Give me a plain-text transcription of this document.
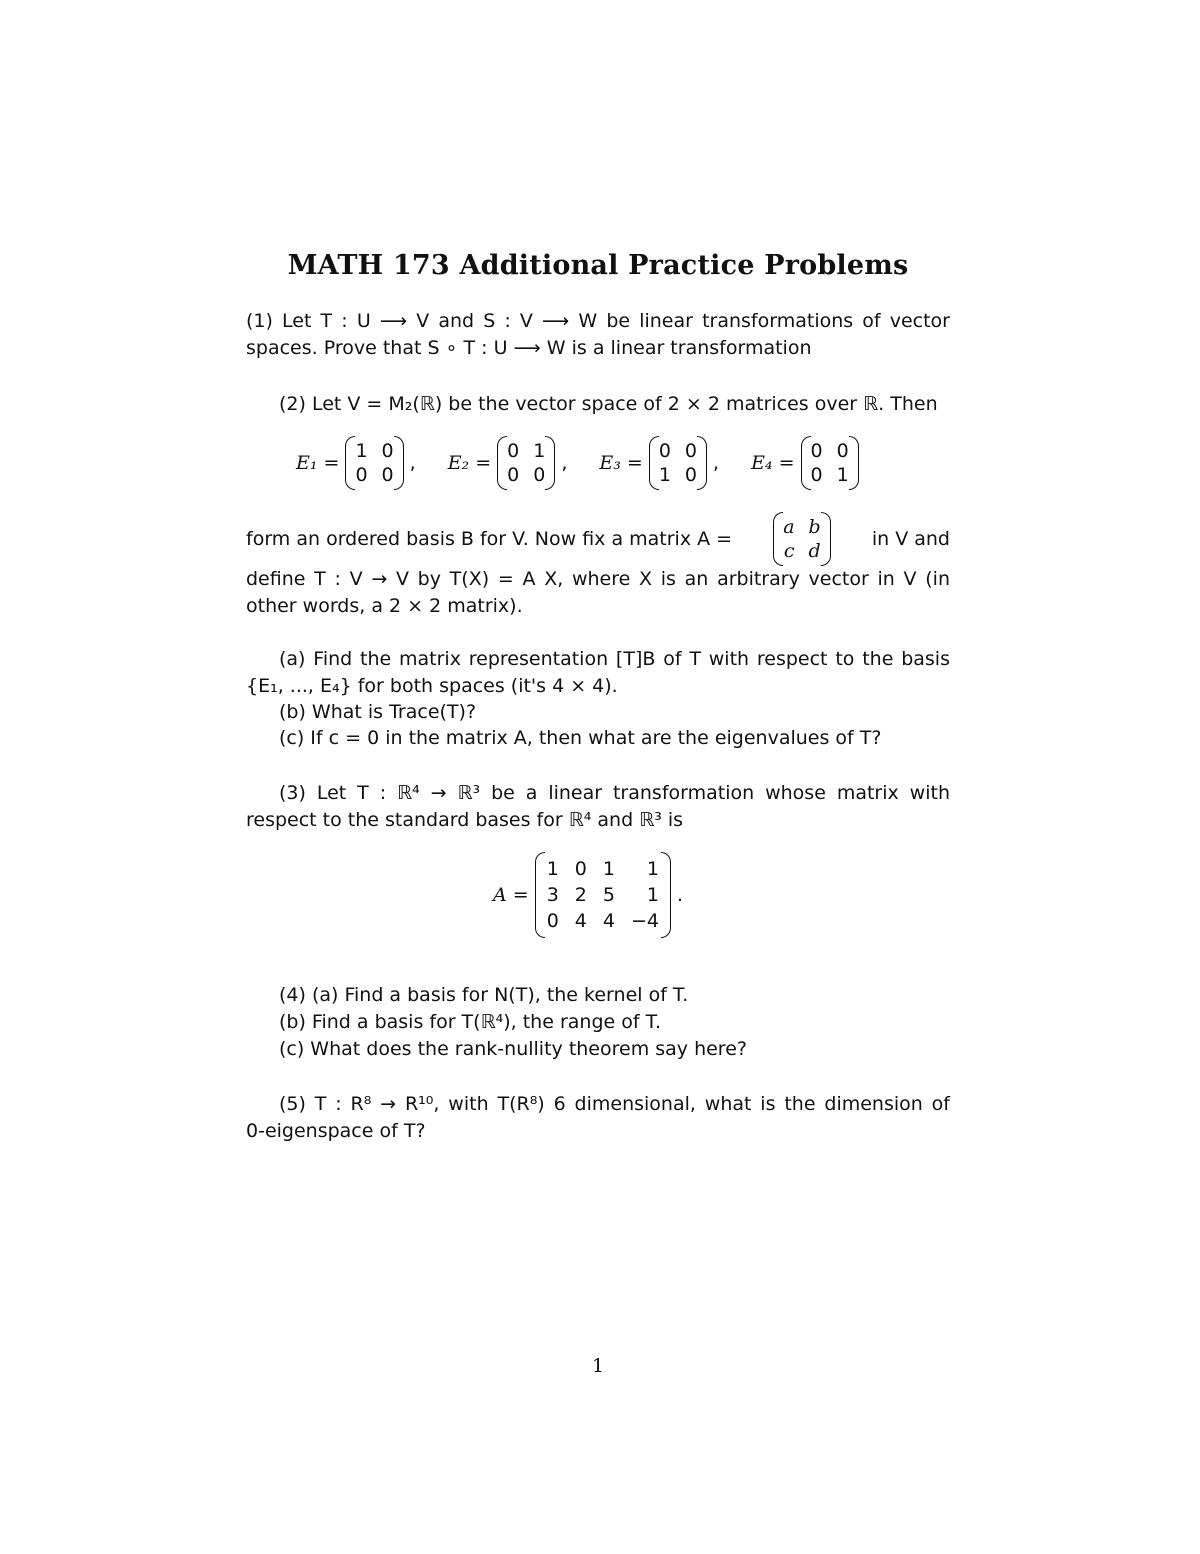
MATH 173 Additional Practice Problems
(1) Let T : U ⟶ V and S : V ⟶ W be linear transformations of vector
spaces. Prove that S ∘ T : U ⟶ W is a linear transformation
(2) Let V = M₂(ℝ) be the vector space of 2 × 2 matrices over ℝ. Then
E₁ =
1 0
0 0
, E₂ =
0 1
0 0
, E₃ =
0 0
1 0
, E₄ =
0 0
0 1
form an ordered basis B for V. Now fix a matrix A =
a b
c d
in V and
define T : V → V by T(X) = A X, where X is an arbitrary vector in V (in
other words, a 2 × 2 matrix).
(a) Find the matrix representation [T]B of T with respect to the basis
{E₁, ..., E₄} for both spaces (it's 4 × 4).
(b) What is Trace(T)?
(c) If c = 0 in the matrix A, then what are the eigenvalues of T?
(3) Let T : ℝ⁴ → ℝ³ be a linear transformation whose matrix with
respect to the standard bases for ℝ⁴ and ℝ³ is
A =
1 0 1	1
3 2 5	1
0 4 4 −4
.
(4) (a) Find a basis for N(T), the kernel of T.
(b) Find a basis for T(ℝ⁴), the range of T.
(c) What does the rank-nullity theorem say here?
(5) T : R⁸ → R¹⁰, with T(R⁸) 6 dimensional, what is the dimension of
0-eigenspace of T?
1
